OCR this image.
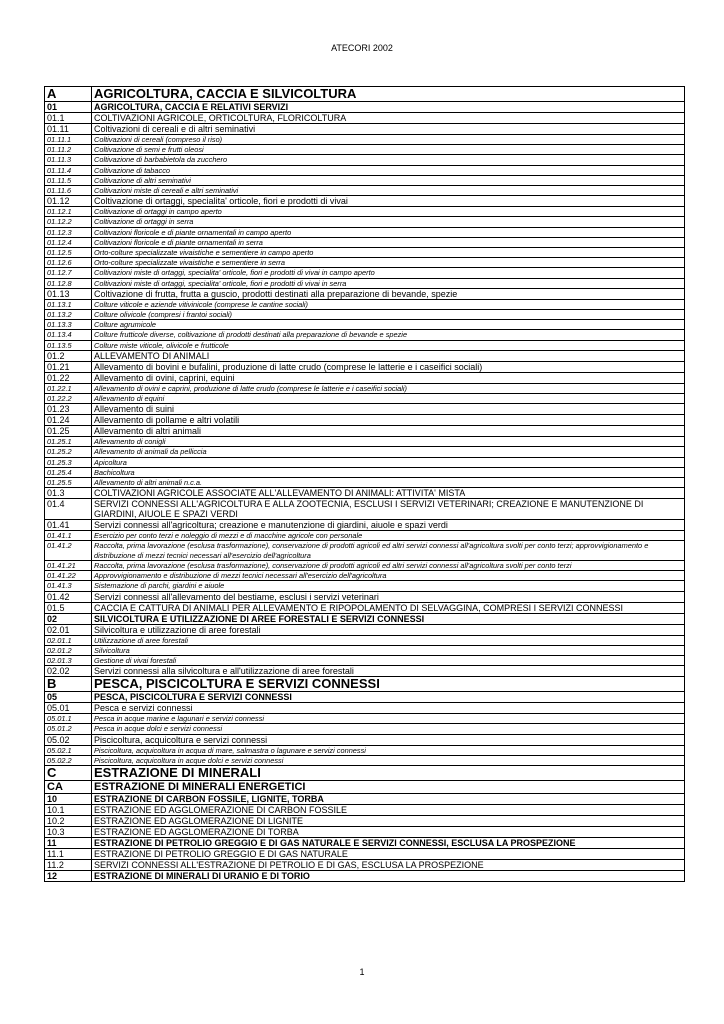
ATECORI 2002
A	AGRICOLTURA, CACCIA E SILVICOLTURA
01	AGRICOLTURA, CACCIA E RELATIVI SERVIZI
01.1	COLTIVAZIONI AGRICOLE, ORTICOLTURA, FLORICOLTURA
01.11	Coltivazioni di cereali e di altri seminativi
01.11.1	Coltivazioni di cereali (compreso il riso)
01.11.2	Coltivazione di semi e frutti oleosi
01.11.3	Coltivazione di barbabietola da zucchero
01.11.4	Coltivazione di tabacco
01.11.5	Coltivazione di altri seminativi
01.11.6	Coltivazioni miste di cereali e altri seminativi
01.12	Coltivazione di ortaggi, specialita' orticole, fiori e prodotti di vivai
01.12.1	Coltivazione di ortaggi in campo aperto
01.12.2	Coltivazione di ortaggi in serra
01.12.3	Coltivazioni floricole e di piante ornamentali in campo aperto
01.12.4	Coltivazioni floricole e di piante ornamentali in serra
01.12.5	Orto-colture specializzate vivaistiche e sementiere in campo aperto
01.12.6	Orto-colture specializzate vivaistiche e sementiere in serra
01.12.7	Coltivazioni miste di ortaggi, specialita' orticole, fiori e prodotti di vivai in campo aperto
01.12.8	Coltivazioni miste di ortaggi, specialita' orticole, fiori e prodotti di vivai in serra
01.13	Coltivazione di frutta, frutta a guscio, prodotti destinati alla preparazione di bevande, spezie
01.13.1	Colture viticole e aziende vitivinicole (comprese le cantine sociali)
01.13.2	Colture olivicole (compresi i frantoi sociali)
01.13.3	Colture agrumicole
01.13.4	Colture frutticole diverse, coltivazione di prodotti destinati alla preparazione di bevande e spezie
01.13.5	Colture miste viticole, olivicole e frutticole
01.2	ALLEVAMENTO DI ANIMALI
01.21	Allevamento di bovini e bufalini, produzione di latte crudo (comprese le latterie e i caseifici sociali)
01.22	Allevamento di ovini, caprini, equini
01.22.1	Allevamento di ovini e caprini, produzione di latte crudo (comprese le latterie e i caseifici sociali)
01.22.2	Allevamento di equini
01.23	Allevamento di suini
01.24	Allevamento di pollame e altri volatili
01.25	Allevamento di altri animali
01.25.1	Allevamento di conigli
01.25.2	Allevamento di animali da pelliccia
01.25.3	Apicoltura
01.25.4	Bachicoltura
01.25.5	Allevamento di altri animali n.c.a.
01.3	COLTIVAZIONI AGRICOLE ASSOCIATE ALL'ALLEVAMENTO DI ANIMALI: ATTIVITA' MISTA
01.4	SERVIZI CONNESSI ALL'AGRICOLTURA E ALLA ZOOTECNIA, ESCLUSI I SERVIZI VETERINARI; CREAZIONE E MANUTENZIONE DI GIARDINI, AIUOLE E SPAZI VERDI
01.41	Servizi connessi all'agricoltura; creazione e manutenzione di giardini, aiuole e spazi verdi
01.41.1	Esercizio per conto terzi e noleggio di mezzi e di macchine agricole con personale
01.41.2	Raccolta, prima lavorazione (esclusa trasformazione), conservazione di prodotti agricoli ed altri servizi connessi all'agricoltura svolti per conto terzi; approvvigionamento e distribuzione di mezzi tecnici necessari all'esercizio dell'agricoltura
01.41.21	Raccolta, prima lavorazione (esclusa trasformazione), conservazione di prodotti agricoli ed altri servizi connessi all'agricoltura svolti per conto terzi
01.41.22	Approvvigionamento e distribuzione di mezzi tecnici necessari all'esercizio dell'agricoltura
01.41.3	Sistemazione di parchi, giardini e aiuole
01.42	Servizi connessi all'allevamento del bestiame, esclusi i servizi veterinari
01.5	CACCIA E CATTURA DI ANIMALI PER ALLEVAMENTO E RIPOPOLAMENTO DI SELVAGGINA, COMPRESI I SERVIZI CONNESSI
02	SILVICOLTURA E UTILIZZAZIONE DI AREE FORESTALI E SERVIZI CONNESSI
02.01	Silvicoltura e utilizzazione di aree forestali
02.01.1	Utilizzazione di aree forestali
02.01.2	Silvicoltura
02.01.3	Gestione di vivai forestali
02.02	Servizi connessi alla silvicoltura e all'utilizzazione di aree forestali
B	PESCA, PISCICOLTURA E SERVIZI CONNESSI
05	PESCA, PISCICOLTURA E SERVIZI CONNESSI
05.01	Pesca e servizi connessi
05.01.1	Pesca in acque marine e lagunari e servizi connessi
05.01.2	Pesca in acque dolci e servizi connessi
05.02	Piscicoltura, acquicoltura e servizi connessi
05.02.1	Piscicoltura, acquicoltura in acqua di mare, salmastra o lagunare e servizi connessi
05.02.2	Piscicoltura, acquicoltura in acque dolci e servizi connessi
C	ESTRAZIONE DI MINERALI
CA	ESTRAZIONE DI MINERALI ENERGETICI
10	ESTRAZIONE DI CARBON FOSSILE, LIGNITE, TORBA
10.1	ESTRAZIONE ED AGGLOMERAZIONE DI CARBON FOSSILE
10.2	ESTRAZIONE ED AGGLOMERAZIONE DI LIGNITE
10.3	ESTRAZIONE ED AGGLOMERAZIONE DI TORBA
11	ESTRAZIONE DI PETROLIO GREGGIO E DI GAS NATURALE E SERVIZI CONNESSI, ESCLUSA LA PROSPEZIONE
11.1	ESTRAZIONE DI PETROLIO GREGGIO E DI GAS NATURALE
11.2	SERVIZI CONNESSI ALL'ESTRAZIONE DI PETROLIO E DI GAS, ESCLUSA LA PROSPEZIONE
12	ESTRAZIONE DI MINERALI DI URANIO E DI TORIO
1
